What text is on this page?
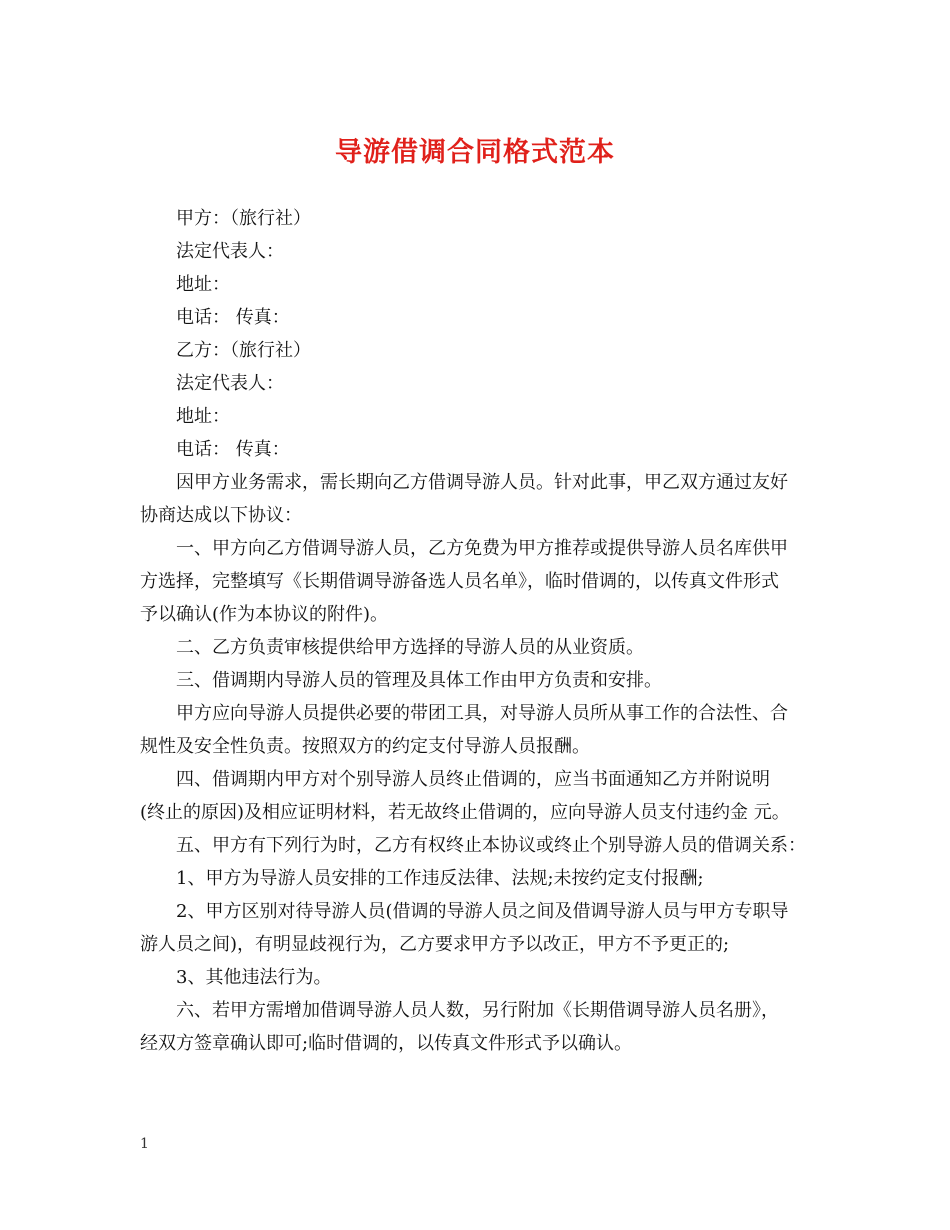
导游借调合同格式范本

甲方：（旅行社）

法定代表人：

地址：

电话： 传真：

乙方：（旅行社）

法定代表人：

地址：

电话： 传真：

因甲方业务需求，需长期向乙方借调导游人员。针对此事，甲乙双方通过友好

协商达成以下协议：

一、甲方向乙方借调导游人员，乙方免费为甲方推荐或提供导游人员名库供甲

方选择，完整填写《长期借调导游备选人员名单》，临时借调的，以传真文件形式

予以确认(作为本协议的附件)。

二、乙方负责审核提供给甲方选择的导游人员的从业资质。

三、借调期内导游人员的管理及具体工作由甲方负责和安排。

甲方应向导游人员提供必要的带团工具，对导游人员所从事工作的合法性、合

规性及安全性负责。按照双方的约定支付导游人员报酬。

四、借调期内甲方对个别导游人员终止借调的，应当书面通知乙方并附说明

(终止的原因)及相应证明材料，若无故终止借调的，应向导游人员支付违约金 元。

五、甲方有下列行为时，乙方有权终止本协议或终止个别导游人员的借调关系：

1、甲方为导游人员安排的工作违反法律、法规;未按约定支付报酬;

2、甲方区别对待导游人员(借调的导游人员之间及借调导游人员与甲方专职导

游人员之间)，有明显歧视行为，乙方要求甲方予以改正，甲方不予更正的;

3、其他违法行为。

六、若甲方需增加借调导游人员人数，另行附加《长期借调导游人员名册》，

经双方签章确认即可;临时借调的，以传真文件形式予以确认。

1
